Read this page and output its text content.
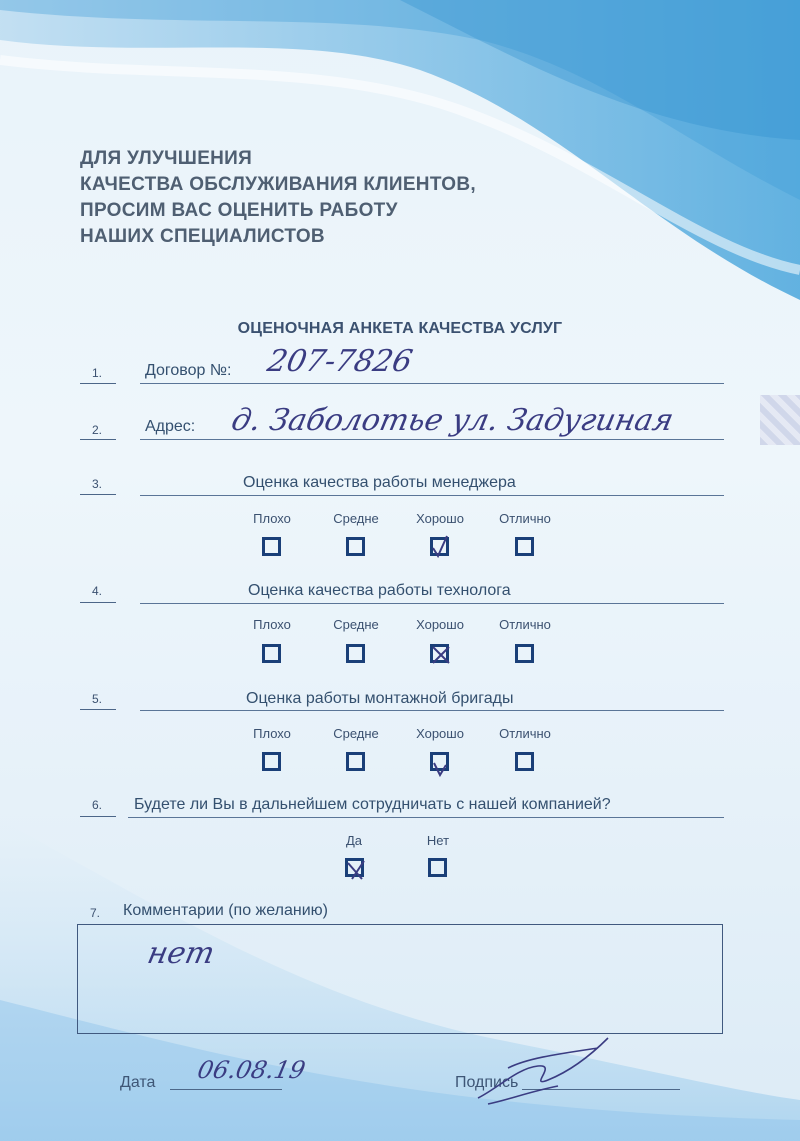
ДЛЯ УЛУЧШЕНИЯ
КАЧЕСТВА ОБСЛУЖИВАНИЯ КЛИЕНТОВ,
ПРОСИМ ВАС ОЦЕНИТЬ РАБОТУ
НАШИХ СПЕЦИАЛИСТОВ
ОЦЕНОЧНАЯ АНКЕТА КАЧЕСТВА УСЛУГ
1.	Договор №: 207-7826
2.	Адрес: д. Заболотье ул. Задугиная
3.	Оценка качества работы менеджера
Плохо	Средне	Хорошо	Отлично
4.	Оценка качества работы технолога
Плохо	Средне	Хорошо	Отлично
5.	Оценка работы монтажной бригады
Плохо	Средне	Хорошо	Отлично
6. Будете ли Вы в дальнейшем сотрудничать с нашей компанией?
Да	Нет
7. Комментарии (по желанию)
нет
Дата 06.08.19	Подпись
